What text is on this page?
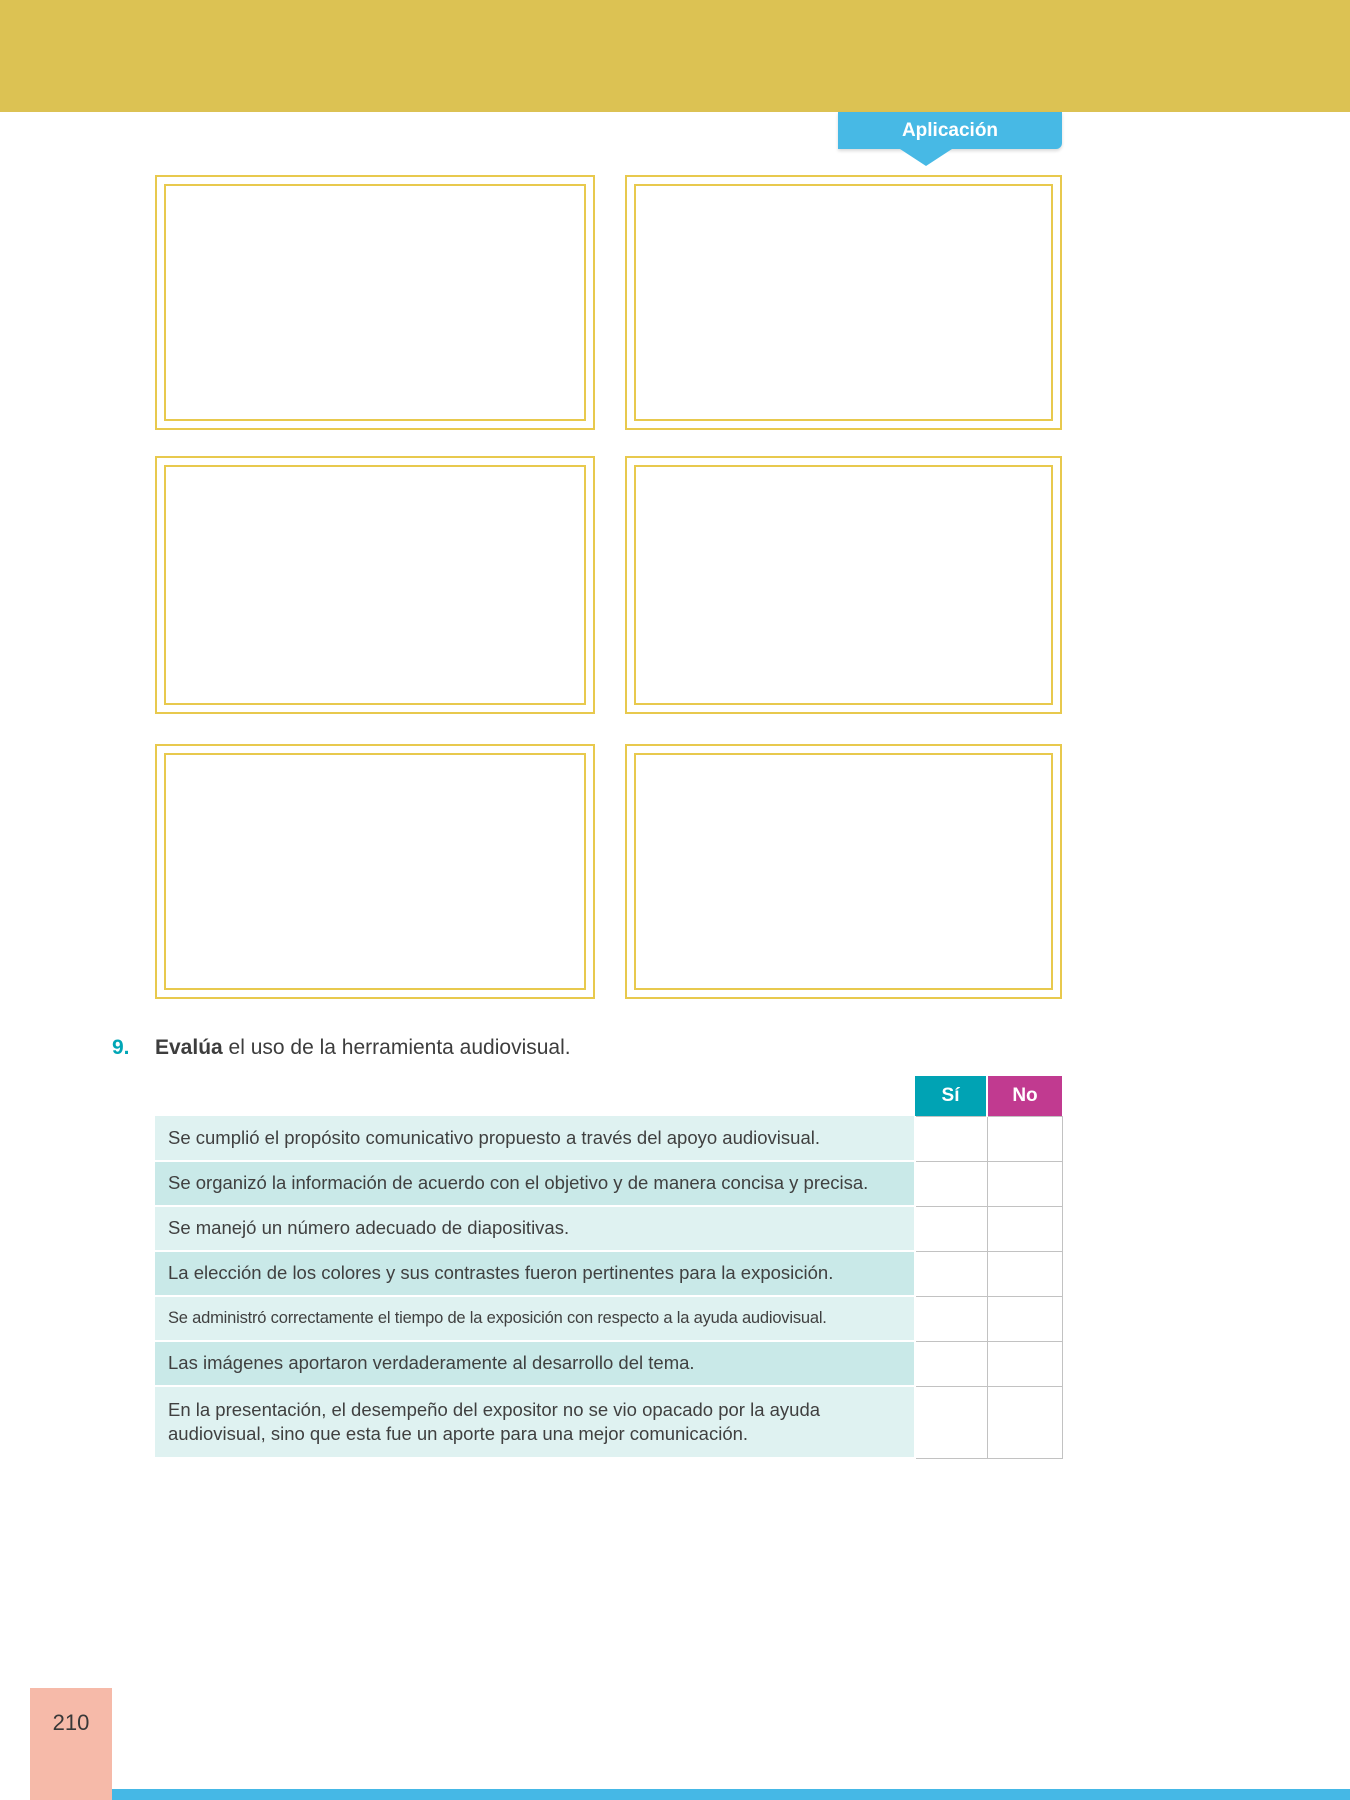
Aplicación
9.	Evalúa el uso de la herramienta audiovisual.
	Sí	No
Se cumplió el propósito comunicativo propuesto a través del apoyo audiovisual.		
Se organizó la información de acuerdo con el objetivo y de manera concisa y precisa.		
Se manejó un número adecuado de diapositivas.		
La elección de los colores y sus contrastes fueron pertinentes para la exposición.		
Se administró correctamente el tiempo de la exposición con respecto a la ayuda audiovisual.		
Las imágenes aportaron verdaderamente al desarrollo del tema.		
En la presentación, el desempeño del expositor no se vio opacado por la ayuda audiovisual, sino que esta fue un aporte para una mejor comunicación.		
210
